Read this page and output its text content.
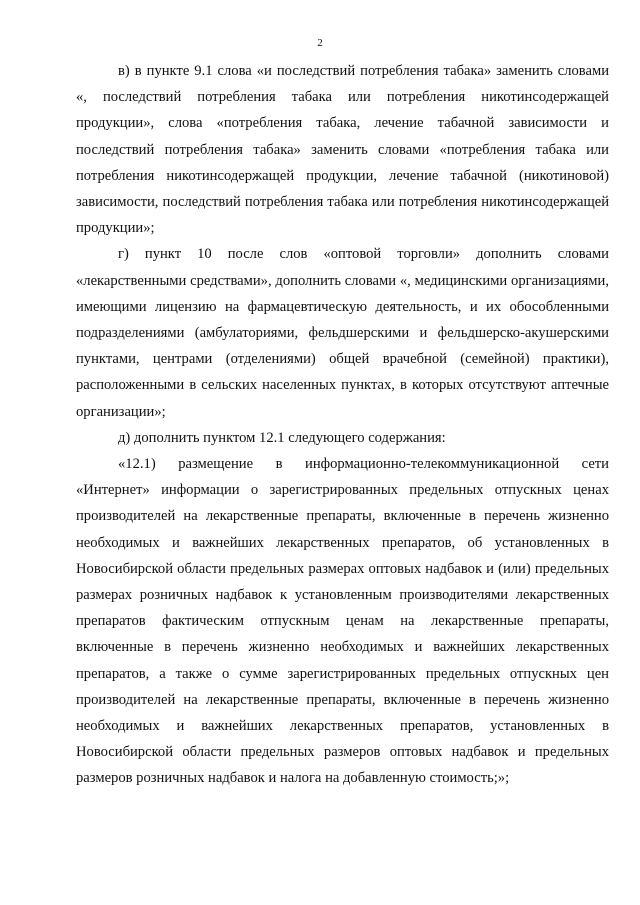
2

в) в пункте 9.1 слова «и последствий потребления табака» заменить словами «, последствий потребления табака или потребления никотинсодержащей продукции», слова «потребления табака, лечение табачной зависимости и последствий потребления табака» заменить словами «потребления табака или потребления никотинсодержащей продукции, лечение табачной (никотиновой) зависимости, последствий потребления табака или потребления никотинсодержащей продукции»;

г) пункт 10 после слов «оптовой торговли» дополнить словами «лекарственными средствами», дополнить словами «, медицинскими организациями, имеющими лицензию на фармацевтическую деятельность, и их обособленными подразделениями (амбулаториями, фельдшерскими и фельдшерско-акушерскими пунктами, центрами (отделениями) общей врачебной (семейной) практики), расположенными в сельских населенных пунктах, в которых отсутствуют аптечные организации»;

д) дополнить пунктом 12.1 следующего содержания:

«12.1) размещение в информационно-телекоммуникационной сети «Интернет» информации о зарегистрированных предельных отпускных ценах производителей на лекарственные препараты, включенные в перечень жизненно необходимых и важнейших лекарственных препаратов, об установленных в Новосибирской области предельных размерах оптовых надбавок и (или) предельных размерах розничных надбавок к установленным производителями лекарственных препаратов фактическим отпускным ценам на лекарственные препараты, включенные в перечень жизненно необходимых и важнейших лекарственных препаратов, а также о сумме зарегистрированных предельных отпускных цен производителей на лекарственные препараты, включенные в перечень жизненно необходимых и важнейших лекарственных препаратов, установленных в Новосибирской области предельных размеров оптовых надбавок и предельных размеров розничных надбавок и налога на добавленную стоимость;»;
